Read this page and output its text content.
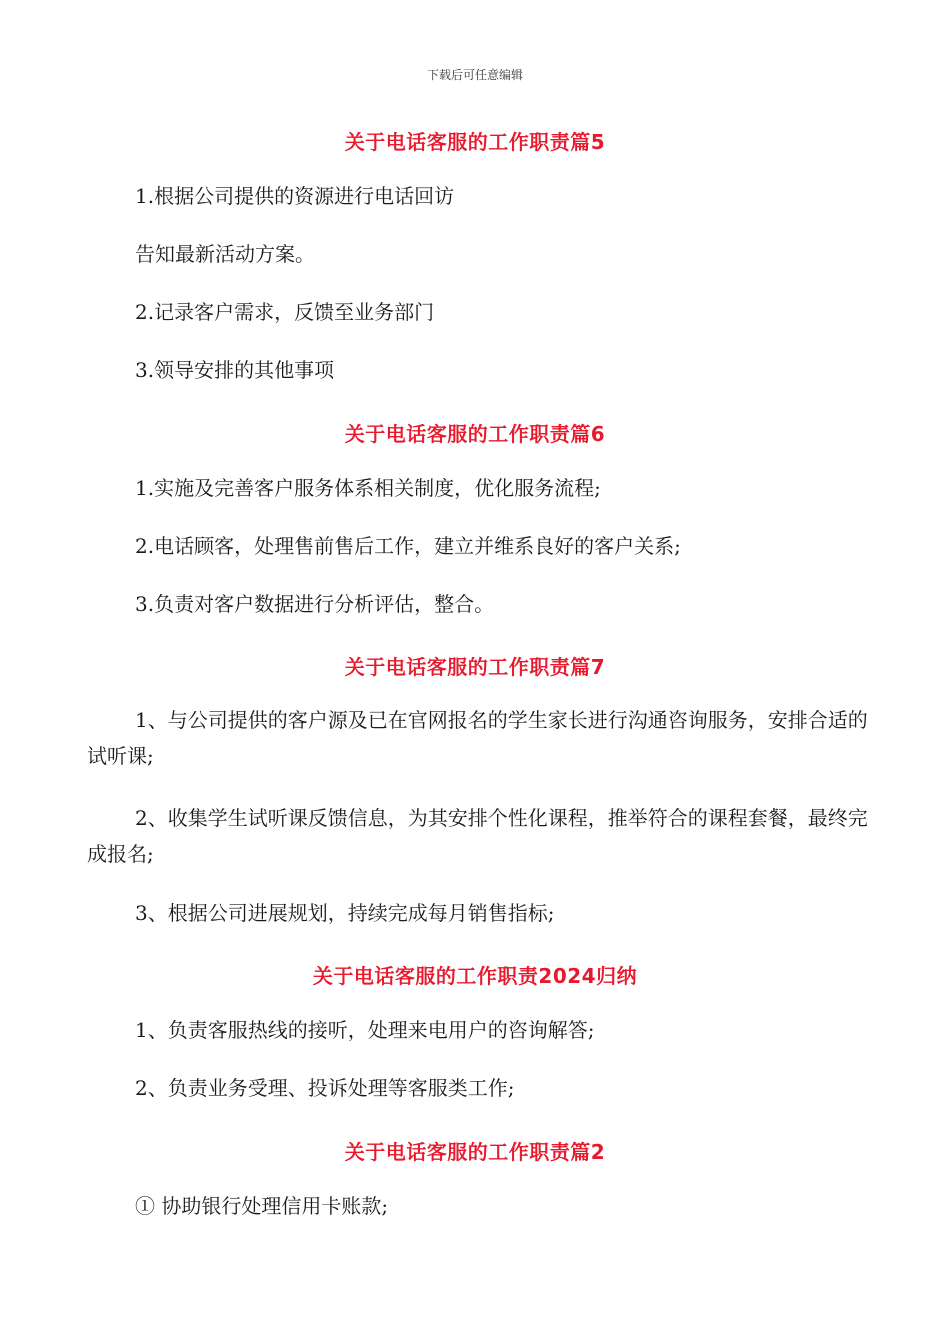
下载后可任意编辑
关于电话客服的工作职责篇5
1.根据公司提供的资源进行电话回访
告知最新活动方案。
2.记录客户需求，反馈至业务部门
3.领导安排的其他事项
关于电话客服的工作职责篇6
1.实施及完善客户服务体系相关制度，优化服务流程;
2.电话顾客，处理售前售后工作，建立并维系良好的客户关系;
3.负责对客户数据进行分析评估，整合。
关于电话客服的工作职责篇7
1、与公司提供的客户源及已在官网报名的学生家长进行沟通咨询服务，安排合适的试听课;
2、收集学生试听课反馈信息，为其安排个性化课程，推举符合的课程套餐，最终完成报名;
3、根据公司进展规划，持续完成每月销售指标;
关于电话客服的工作职责2024归纳
1、负责客服热线的接听，处理来电用户的咨询解答;
2、负责业务受理、投诉处理等客服类工作;
关于电话客服的工作职责篇2
① 协助银行处理信用卡账款;
